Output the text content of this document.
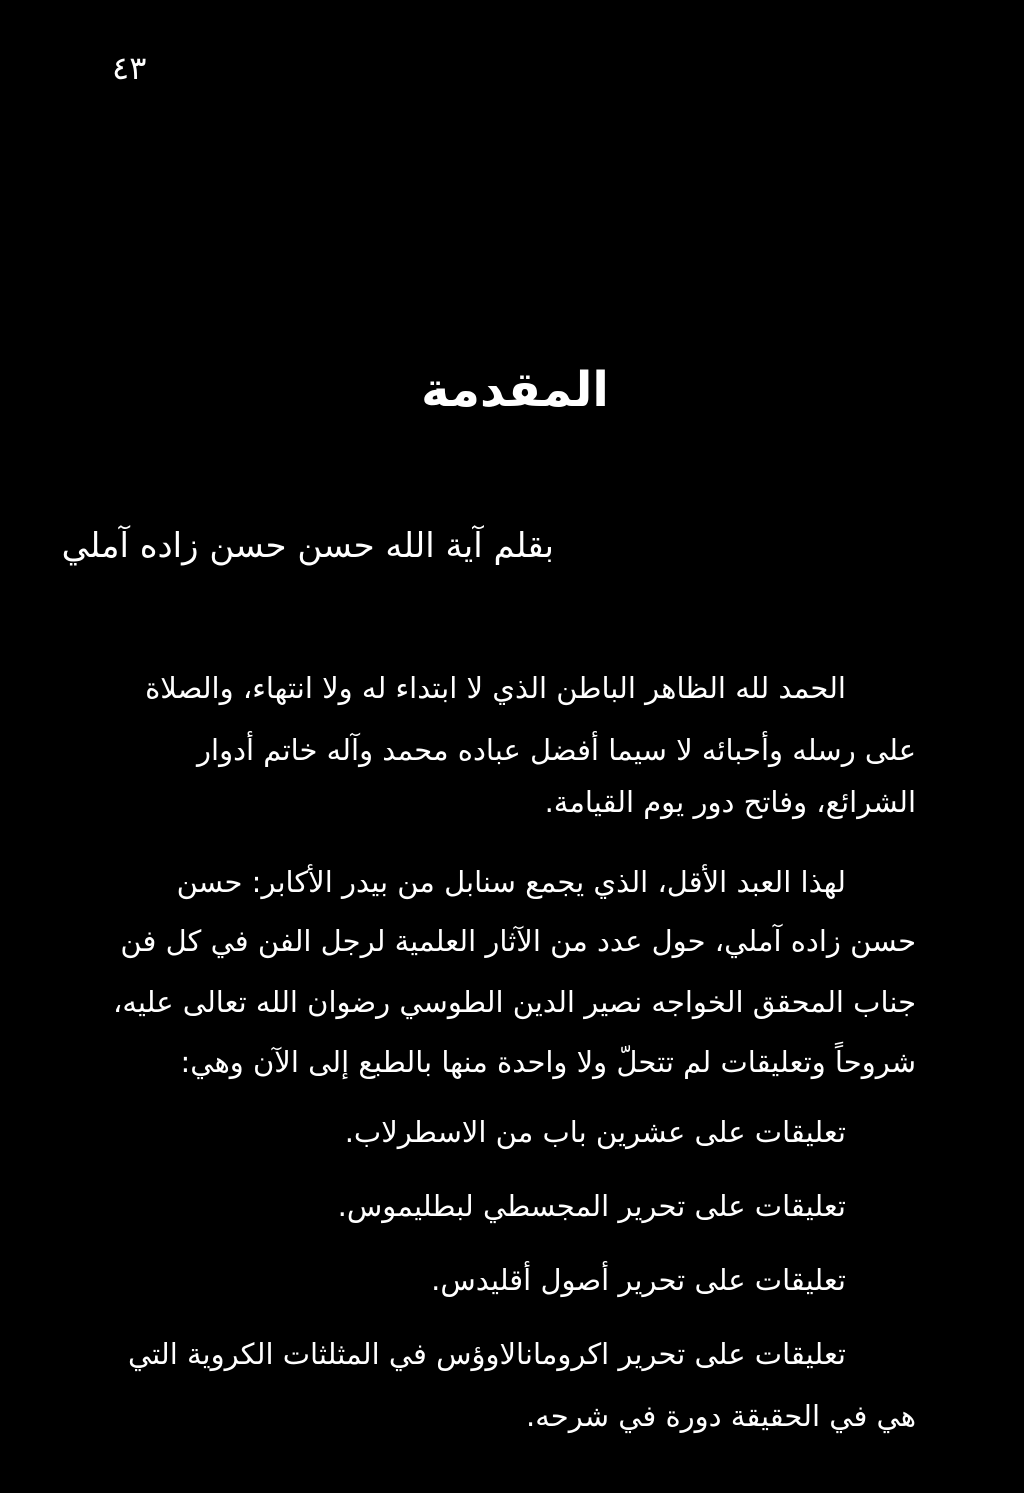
٤٣
المقدمة
بقلم آية الله حسن حسن زاده آملي
الحمد لله الظاهر الباطن الذي لا ابتداء له ولا انتهاء، والصلاة
على رسله وأحبائه لا سيما أفضل عباده محمد وآله خاتم أدوار
الشرائع، وفاتح دور يوم القيامة.
لهذا العبد الأقل، الذي يجمع سنابل من بيدر الأكابر: حسن
حسن زاده آملي، حول عدد من الآثار العلمية لرجل الفن في كل فن
جناب المحقق الخواجه نصير الدين الطوسي رضوان الله تعالى عليه،
شروحاً وتعليقات لم تتحلّ ولا واحدة منها بالطبع إلى الآن وهي:
تعليقات على عشرين باب من الاسطرلاب.
تعليقات على تحرير المجسطي لبطليموس.
تعليقات على تحرير أصول أقليدس.
تعليقات على تحرير اكرومانالاوؤس في المثلثات الكروية التي
هي في الحقيقة دورة في شرحه.
